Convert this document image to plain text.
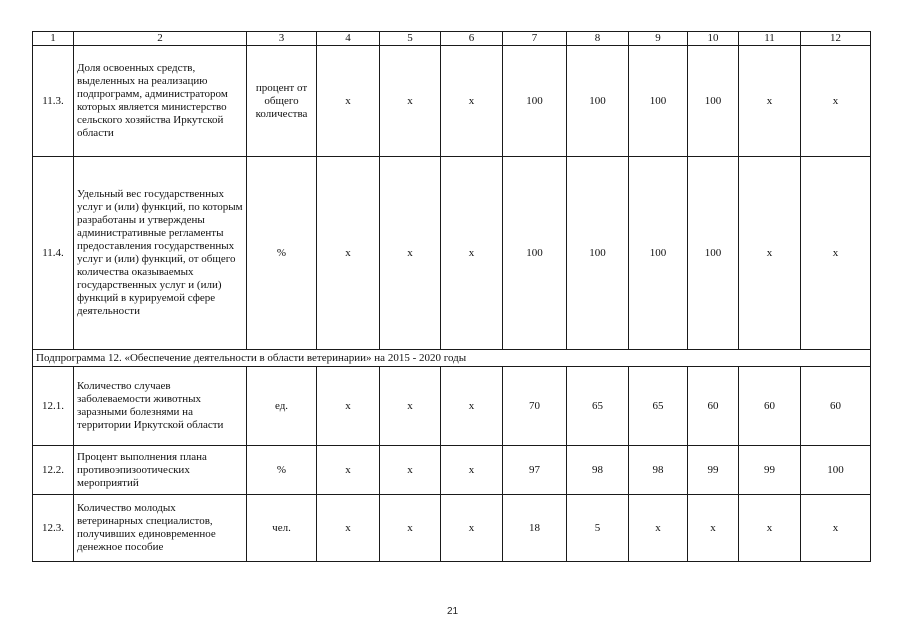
1	2	3	4	5	6	7	8	9	10	11	12
11.3.	Доля освоенных средств, выделенных на реализацию подпрограмм, администратором которых является министерство сельского хозяйства Иркутской области	процент от общего количества	х	х	х	100	100	100	100	х	х
11.4.	Удельный вес государственных услуг и (или) функций, по которым разработаны и утверждены административные регламенты предоставления государственных услуг и (или) функций, от общего количества оказываемых государственных услуг и (или) функций в курируемой сфере деятельности	%	х	х	х	100	100	100	100	х	х
Подпрограмма 12. «Обеспечение деятельности в области ветеринарии» на 2015 - 2020 годы											
12.1.	Количество случаев заболеваемости животных заразными болезнями на территории Иркутской области	ед.	х	х	х	70	65	65	60	60	60
12.2.	Процент выполнения плана противоэпизоотических мероприятий	%	х	х	х	97	98	98	99	99	100
12.3.	Количество молодых ветеринарных специалистов, получивших единовременное денежное пособие	чел.	х	х	х	18	5	х	х	х	х
21
